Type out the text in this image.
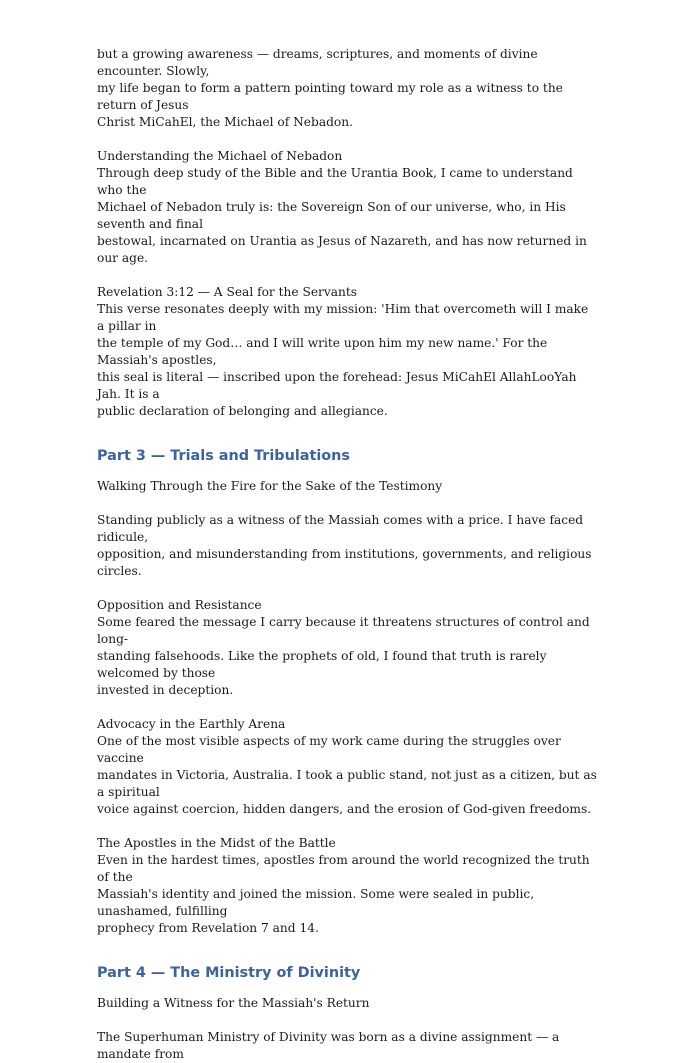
but a growing awareness — dreams, scriptures, and moments of divine encounter. Slowly,

my life began to form a pattern pointing toward my role as a witness to the return of Jesus

Christ MiCahEl, the Michael of Nebadon.

Understanding the Michael of Nebadon

Through deep study of the Bible and the Urantia Book, I came to understand who the

Michael of Nebadon truly is: the Sovereign Son of our universe, who, in His seventh and final

bestowal, incarnated on Urantia as Jesus of Nazareth, and has now returned in our age.

Revelation 3:12 — A Seal for the Servants

This verse resonates deeply with my mission: 'Him that overcometh will I make a pillar in

the temple of my God… and I will write upon him my new name.' For the Massiah's apostles,

this seal is literal — inscribed upon the forehead: Jesus MiCahEl AllahLooYah Jah. It is a

public declaration of belonging and allegiance.

Part 3 — Trials and Tribulations

Walking Through the Fire for the Sake of the Testimony

Standing publicly as a witness of the Massiah comes with a price. I have faced ridicule,

opposition, and misunderstanding from institutions, governments, and religious circles.

Opposition and Resistance

Some feared the message I carry because it threatens structures of control and long-

standing falsehoods. Like the prophets of old, I found that truth is rarely welcomed by those

invested in deception.

Advocacy in the Earthly Arena

One of the most visible aspects of my work came during the struggles over vaccine

mandates in Victoria, Australia. I took a public stand, not just as a citizen, but as a spiritual

voice against coercion, hidden dangers, and the erosion of God-given freedoms.

The Apostles in the Midst of the Battle

Even in the hardest times, apostles from around the world recognized the truth of the

Massiah's identity and joined the mission. Some were sealed in public, unashamed, fulfilling

prophecy from Revelation 7 and 14.

Part 4 — The Ministry of Divinity

Building a Witness for the Massiah's Return

The Superhuman Ministry of Divinity was born as a divine assignment — a mandate from
